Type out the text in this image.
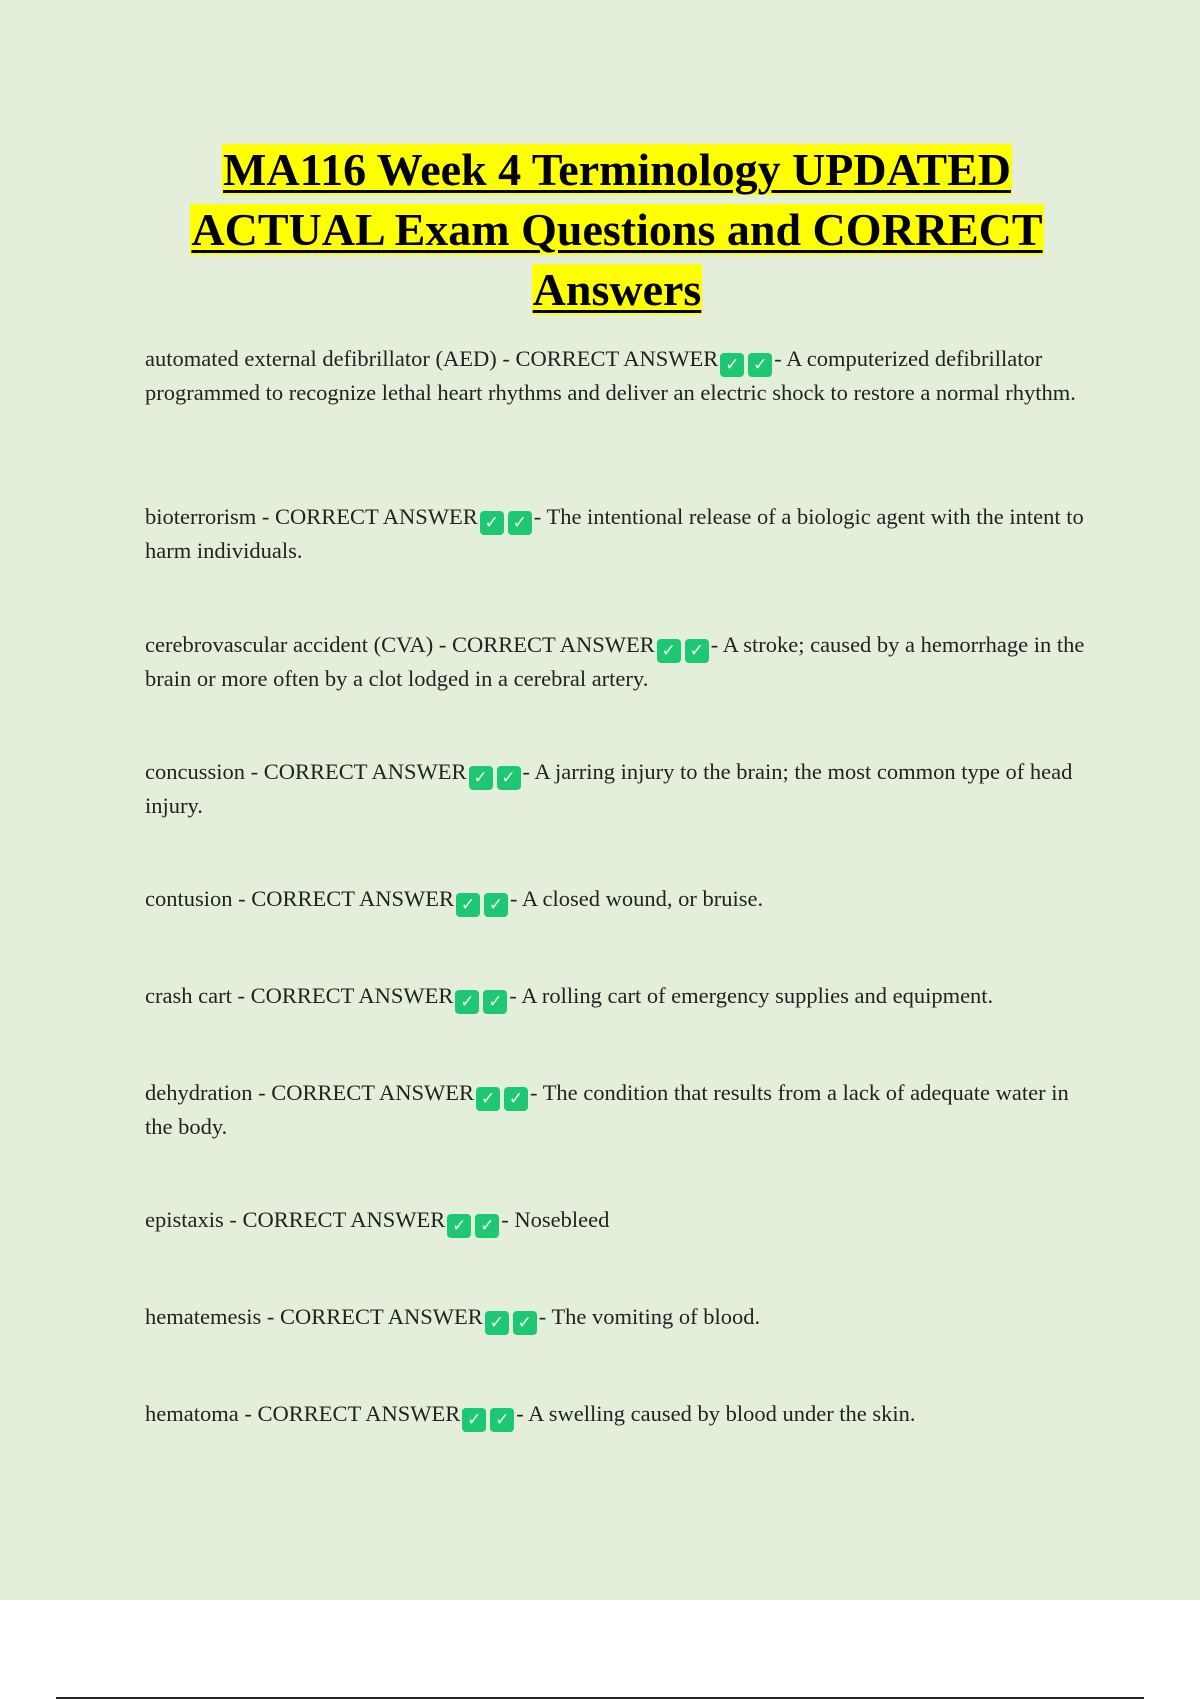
MA116 Week 4 Terminology UPDATED
ACTUAL Exam Questions and CORRECT
Answers

automated external defibrillator (AED) - CORRECT ANSWER ✓ ✓ - A computerized defibrillator programmed to recognize lethal heart rhythms and deliver an electric shock to restore a normal rhythm.

bioterrorism - CORRECT ANSWER ✓ ✓ - The intentional release of a biologic agent with the intent to harm individuals.

cerebrovascular accident (CVA) - CORRECT ANSWER ✓ ✓ - A stroke; caused by a hemorrhage in the brain or more often by a clot lodged in a cerebral artery.

concussion - CORRECT ANSWER ✓ ✓ - A jarring injury to the brain; the most common type of head injury.

contusion - CORRECT ANSWER ✓ ✓ - A closed wound, or bruise.

crash cart - CORRECT ANSWER ✓ ✓ - A rolling cart of emergency supplies and equipment.

dehydration - CORRECT ANSWER ✓ ✓ - The condition that results from a lack of adequate water in the body.

epistaxis - CORRECT ANSWER ✓ ✓ - Nosebleed

hematemesis - CORRECT ANSWER ✓ ✓ - The vomiting of blood.

hematoma - CORRECT ANSWER ✓ ✓ - A swelling caused by blood under the skin.
